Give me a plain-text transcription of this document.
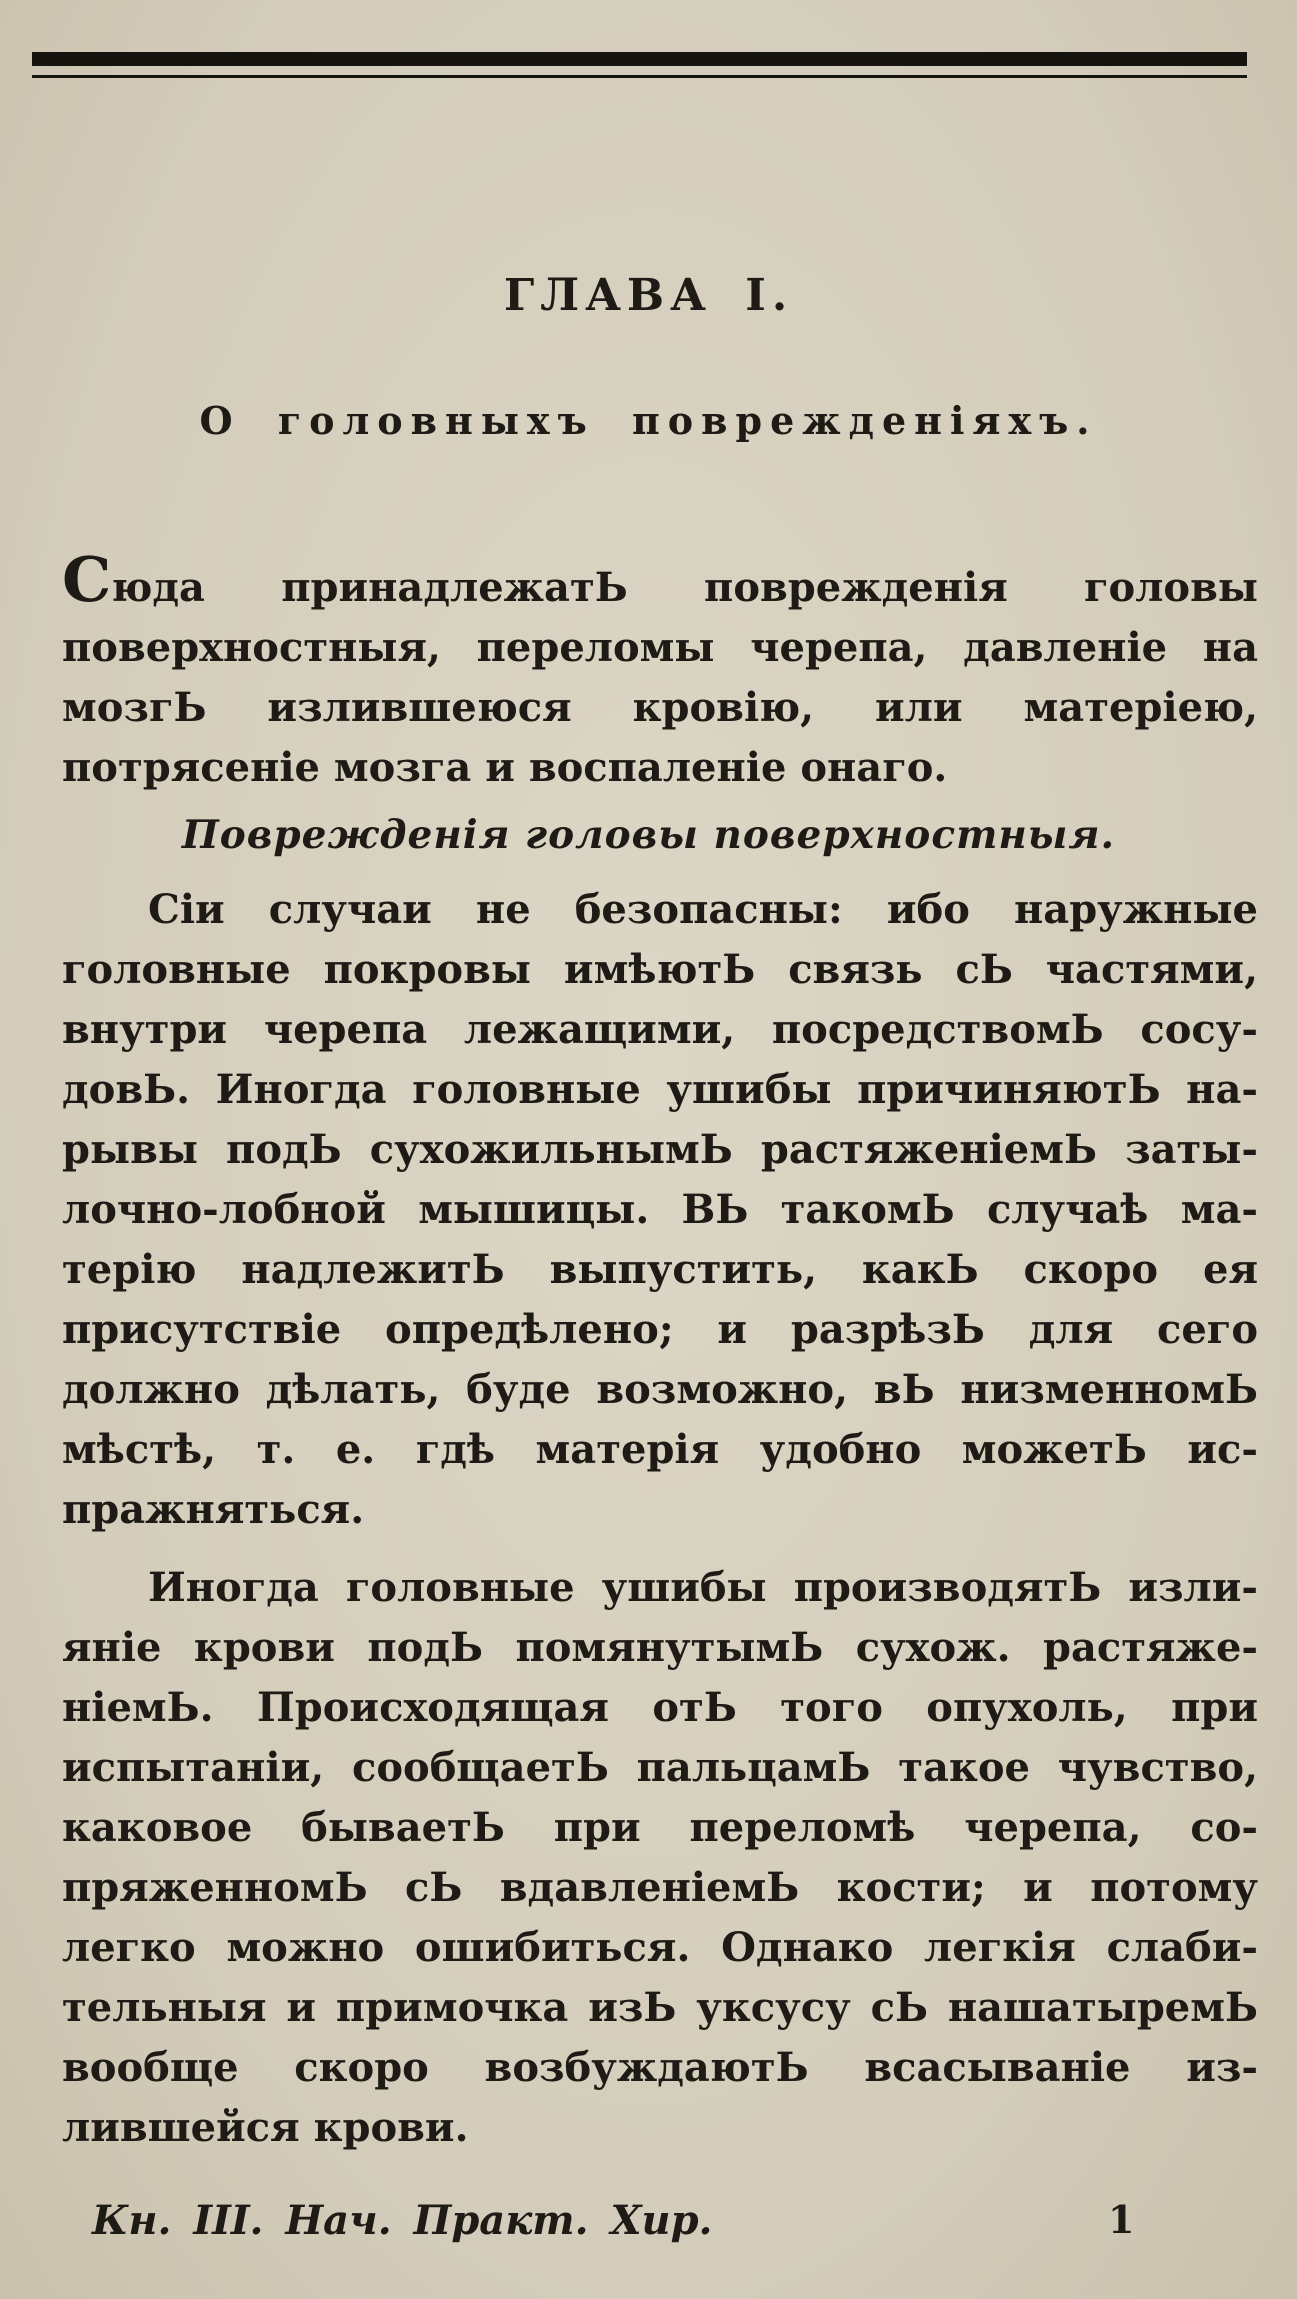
ГЛАВА I.
О головныхъ поврежденіяхъ.
Сюда принадлежатЬ поврежденія головы поверхностныя, переломы черепа, давленіе на мозгЬ излившеюся кровію, или матеріею, потрясеніе мозга и воспаленіе онаго.
Поврежденія головы поверхностныя.
Сіи случаи не безопасны: ибо наружные головные покровы имѣютЬ связь сЬ частями, внутри черепа лежащими, посредствомЬ сосудовЬ. Иногда головные ушибы причиняютЬ нарывы подЬ сухожильнымЬ растяженіемЬ затылочно-лобной мышицы. ВЬ такомЬ случаѣ матерію надлежитЬ выпустить, какЬ скоро ея присутствіе опредѣлено; и разрѣзЬ для сего должно дѣлать, буде возможно, вЬ низменномЬ мѣстѣ, т. е. гдѣ матерія удобно можетЬ испражняться.
Иногда головные ушибы производятЬ излияніе крови подЬ помянутымЬ сухож. растяженіемЬ. Происходящая отЬ того опухоль, при испытаніи, сообщаетЬ пальцамЬ такое чувство, каковое бываетЬ при переломѣ черепа, сопряженномЬ сЬ вдавленіемЬ кости; и потому легко можно ошибиться. Однако легкія слабительныя и примочка изЬ уксусу сЬ нашатыремЬ вообще скоро возбуждаютЬ всасываніе излившейся крови.
Кн. III. Нач. Практ. Хир.	1
